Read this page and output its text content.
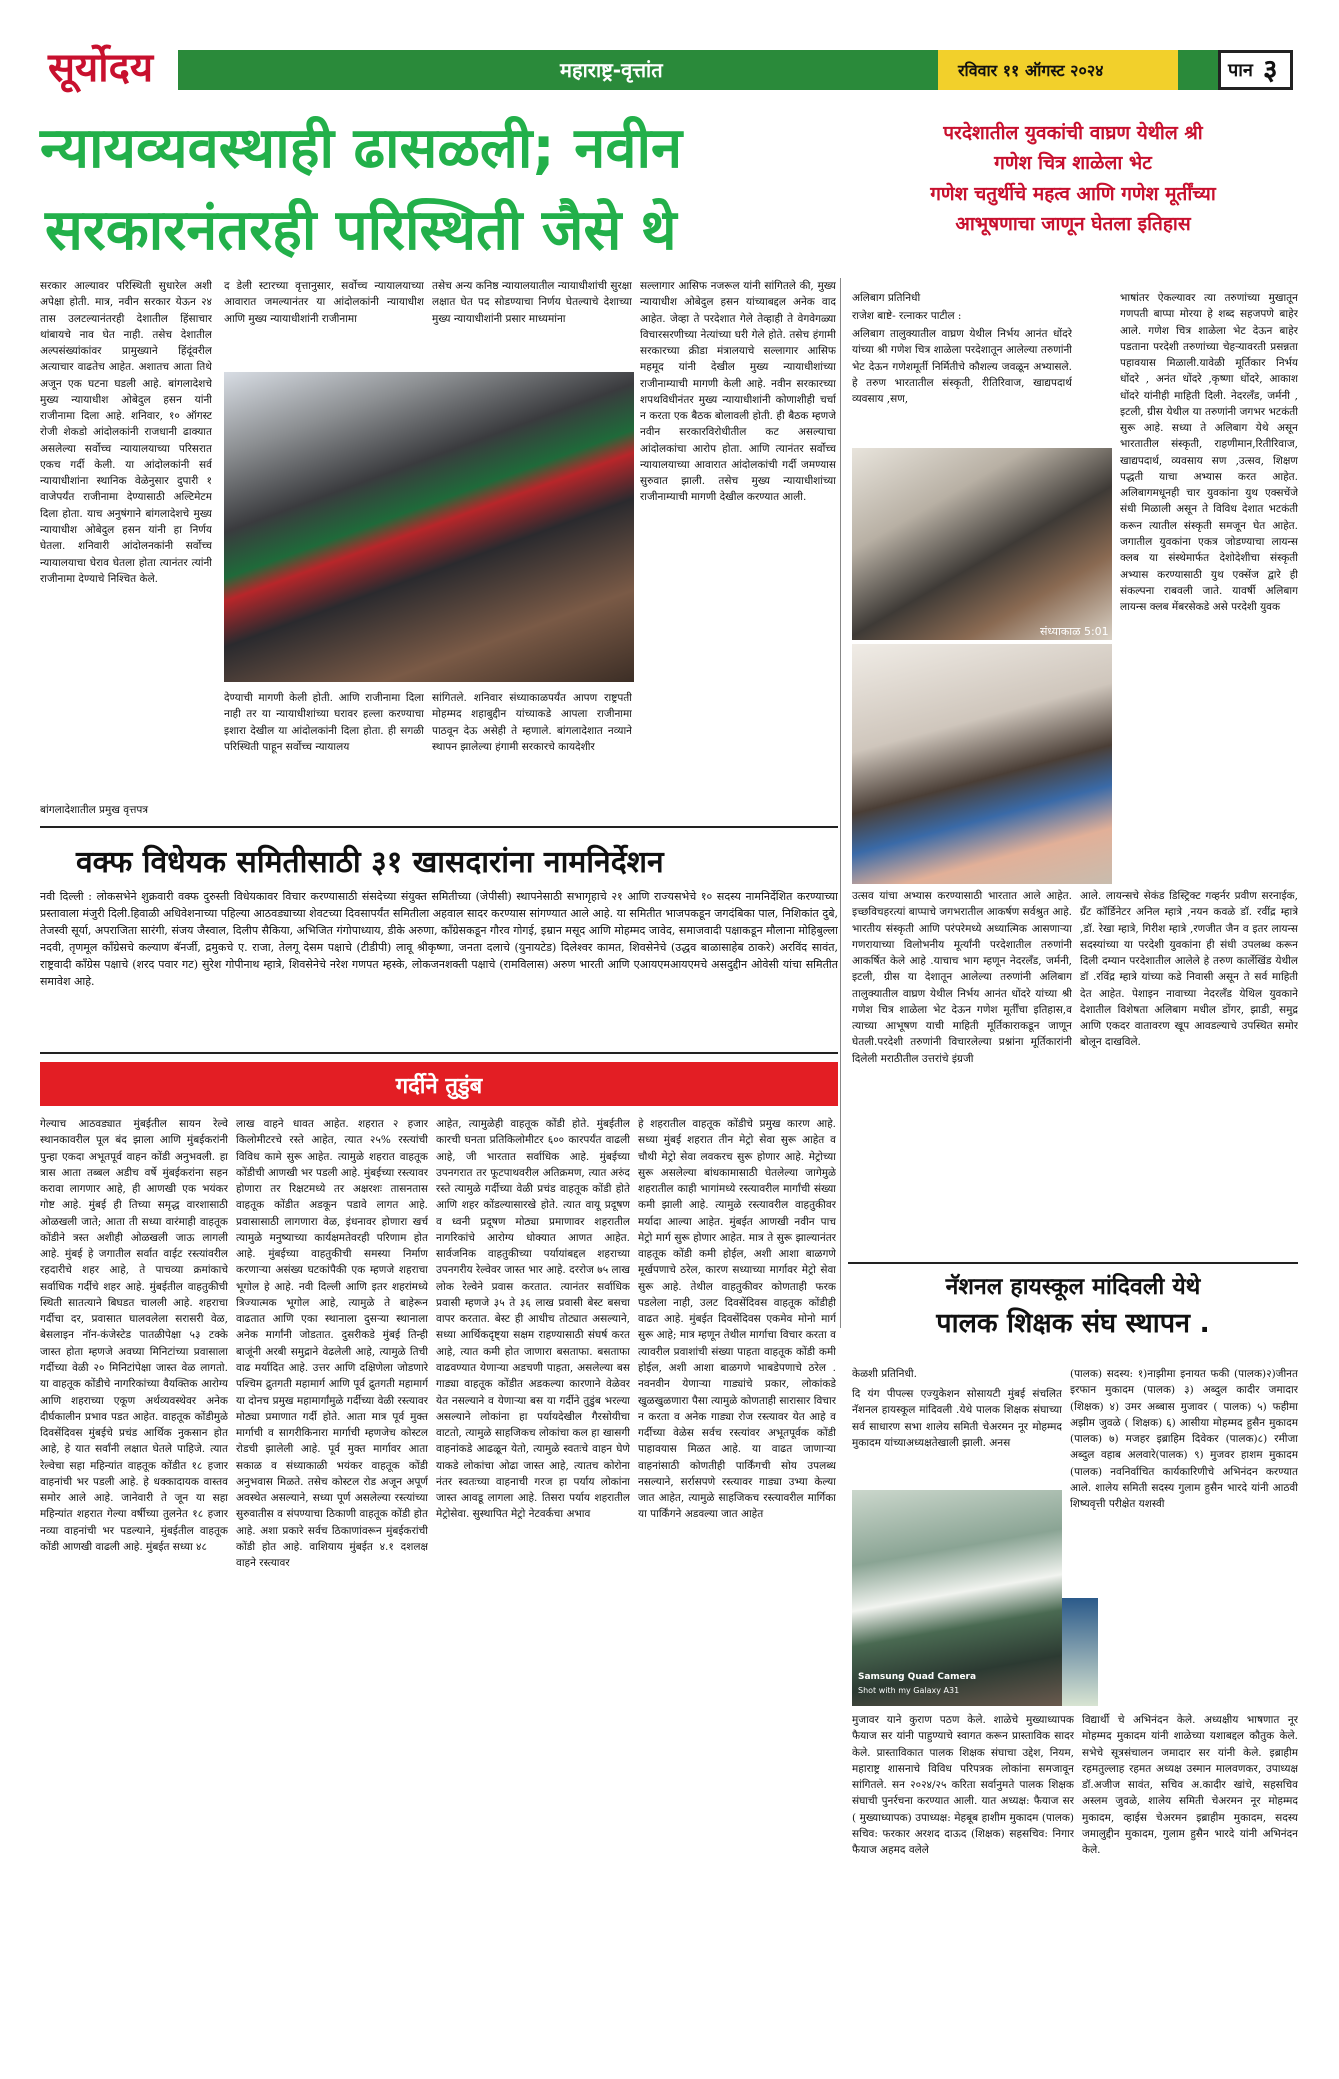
सूर्योदय	महाराष्ट्र-वृत्तांत	रविवार ११ ऑगस्ट २०२४	पान ३
न्यायव्यवस्थाही ढासळली; नवीन
सरकारनंतरही परिस्थिती जैसे थे
सरकार आल्यावर परिस्थिती सुधारेल अशी अपेक्षा होती. मात्र, नवीन सरकार येऊन २४ तास उलटल्यानंतरही देशातील हिंसाचार थांबायचे नाव घेत नाही. तसेच देशातील अल्पसंख्यांकांवर प्रामुख्याने हिंदूंवरील अत्याचार वाढतेच आहेत. अशातच आता तिथे अजून एक घटना घडली आहे. बांगलादेशचे मुख्य न्यायाधीश ओबेदुल हसन यांनी राजीनामा दिला आहे. शनिवार, १० ऑगस्ट रोजी शेकडो आंदोलकांनी राजधानी ढाक्यात असलेल्या सर्वोच्च न्यायालयाच्या परिसरात एकच गर्दी केली. या आंदोलकांनी सर्व न्यायाधीशांना स्थानिक वेळेनुसार दुपारी १ वाजेपर्यंत राजीनामा देण्यासाठी अल्टिमेटम दिला होता. याच अनुषंगाने बांगलादेशचे मुख्य न्यायाधीश ओबेदुल हसन यांनी हा निर्णय घेतला. शनिवारी आंदोलनकांनी सर्वोच्च न्यायालयाचा घेराव घेतला होता त्यानंतर त्यांनी राजीनामा देण्याचे निश्चित केले.
बांगलादेशातील प्रमुख वृत्तपत्र
द डेली स्टारच्या वृत्तानुसार, सर्वोच्च न्यायालयाच्या आवारात जमल्यानंतर या आंदोलकांनी न्यायाधीश आणि मुख्य न्यायाधीशांनी राजीनामा
तसेच अन्य कनिष्ठ न्यायालयातील न्यायाधीशांची सुरक्षा लक्षात घेत पद सोडण्याचा निर्णय घेतल्याचे देशाच्या मुख्य न्यायाधीशांनी प्रसार माध्यमांना
देण्याची मागणी केली होती. आणि राजीनामा दिला नाही तर या न्यायाधीशांच्या घरावर हल्ला करण्याचा इशारा देखील या आंदोलकांनी दिला होता. ही सगळी परिस्थिती पाहून सर्वोच्च न्यायालय
सांगितले. शनिवार संध्याकाळपर्यंत आपण राष्ट्रपती मोहम्मद शहाबुद्दीन यांच्याकडे आपला राजीनामा पाठवून देऊ असेही ते म्हणाले. बांगलादेशात नव्याने स्थापन झालेल्या हंगामी सरकारचे कायदेशीर
सल्लागार आसिफ नजरूल यांनी सांगितले की, मुख्य न्यायाधीश ओबेदुल हसन यांच्याबद्दल अनेक वाद आहेत. जेव्हा ते परदेशात गेले तेव्हाही ते वेगवेगळ्या विचारसरणीच्या नेत्यांच्या घरी गेले होते. तसेच हंगामी सरकारच्या क्रीडा मंत्रालयाचे सल्लागार आसिफ महमूद यांनी देखील मुख्य न्यायाधीशांच्या राजीनाम्याची मागणी केली आहे. नवीन सरकारच्या शपथविधीनंतर मुख्य न्यायाधीशांनी कोणाशीही चर्चा न करता एक बैठक बोलावली होती. ही बैठक म्हणजे नवीन सरकारविरोधीतील कट असल्याचा आंदोलकांचा आरोप होता. आणि त्यानंतर सर्वोच्च न्यायालयाच्या आवारात आंदोलकांची गर्दी जमण्यास सुरुवात झाली. तसेच मुख्य न्यायाधीशांच्या राजीनाम्याची मागणी देखील करण्यात आली.
परदेशातील युवकांची वाघ्रण येथील श्री
गणेश चित्र शाळेला भेट
गणेश चतुर्थीचे महत्व आणि गणेश मूर्तींच्या
आभूषणाचा जाणून घेतला इतिहास
अलिबाग प्रतिनिधी
राजेश बाष्टे- रत्नाकर पाटील :
अलिबाग तालुक्यातील वाघ्रण येथील निर्भय आनंत धोंदरे यांच्या श्री गणेश चित्र शाळेला परदेशातून आलेल्या तरुणांनी भेट देऊन गणेशमूर्ती निर्मितीचे कौशल्य जवळून अभ्यासले. हे तरुण भारतातील संस्कृती, रीतिरिवाज, खाद्यपदार्थ व्यवसाय ,सण,
संध्याकाळ 5:01
भाषांतर ऐकल्यावर त्या तरुणांच्या मुखातून गणपती बाप्पा मोरया हे शब्द सहजपणे बाहेर आले. गणेश चित्र शाळेला भेट देऊन बाहेर पडताना परदेशी तरुणांच्या चेहऱ्यावरती प्रसन्नता पहावयास मिळाली.यावेळी मूर्तिकार निर्भय धोंदरे , अनंत धोंदरे ,कृष्णा धोंदरे, आकाश धोंदरे यांनीही माहिती दिली. नेदरलँड, जर्मनी , इटली, ग्रीस येथील या तरुणांनी जगभर भटकंती सुरू आहे. सध्या ते अलिबाग येथे असून भारतातील संस्कृती, राहणीमान,रितीरिवाज, खाद्यपदार्थ, व्यवसाय सण ,उत्सव, शिक्षण पद्धती याचा अभ्यास करत आहेत. अलिबागमधूनही चार युवकांना युथ एक्सचेंजे संधी मिळाली असून ते विविध देशात भटकंती करून त्यातील संस्कृती समजून घेत आहेत. जगातील युवकांना एकत्र जोडण्याचा लायन्स क्लब या संस्थेमार्फत देशोदेशीचा संस्कृती अभ्यास करण्यासाठी युथ एक्सेंज द्वारे ही संकल्पना राबवली जाते. यावर्षी अलिबाग लायन्स क्लब मेंबरसेकडे असे परदेशी युवक
उत्सव यांचा अभ्यास करण्यासाठी भारतात आले आहेत. इच्छविचहरत्यां बाप्पाचे जगभरातील आकर्षण सर्वश्रुत आहे. भारतीय संस्कृती आणि परंपरेमध्ये अध्यात्मिक आसणाऱ्या गणरायाच्या विलोभनीय मूर्त्यांनी परदेशातील तरुणांनी आकर्षित केले आहे .याचाच भाग म्हणून नेदरलँड, जर्मनी, इटली, ग्रीस या देशातून आलेल्या तरुणांनी अलिबाग तालुक्यातील वाघ्रण येथील निर्भय आनंत धोंदरे यांच्या श्री गणेश चित्र शाळेला भेट देऊन गणेश मूर्तींचा इतिहास,व त्याच्या आभूषण याची माहिती मूर्तिकाराकडून जाणून घेतली.परदेशी तरुणांनी विचारलेल्या प्रश्नांना मूर्तिकारांनी दिलेली मराठीतील उत्तरांचे इंग्रजी
आले. लायन्सचे सेकंड डिस्ट्रिक्ट गव्हर्नर प्रवीण सरनाईक, ग्रँट कॉर्डिनेटर अनिल म्हात्रे ,नयन कवळे डॉ. रवींद्र म्हात्रे ,डॉ. रेखा म्हात्रे, गिरीश म्हात्रे ,रणजीत जैन व इतर लायन्स सदस्यांच्या या परदेशी युवकांना ही संधी उपलब्ध करून दिली दम्यान परदेशातील आलेले हे तरुण कार्लेखिंड येथील डॉ .रविंद्र म्हात्रे यांच्या कडे निवासी असून ते सर्व माहिती देत आहेत. पेशाइन नावाच्या नेदरलँड येथिल युवकाने देशातील विशेषता अलिबाग मधील डोंगर, झाडी, समुद्र आणि एकदर वातावरण खूप आवडल्याचे उपस्थित समोर बोलून दाखविले.
वक्फ विधेयक समितीसाठी ३१ खासदारांना नामनिर्देशन
नवी दिल्ली : लोकसभेने शुक्रवारी वक्फ दुरुस्ती विधेयकावर विचार करण्यासाठी संसदेच्या संयुक्त समितीच्या (जेपीसी) स्थापनेसाठी सभागृहाचे २१ आणि राज्यसभेचे १० सदस्य नामनिर्देशित करण्याच्या प्रस्तावाला मंजुरी दिली.हिवाळी अधिवेशनाच्या पहिल्या आठवड्याच्या शेवटच्या दिवसापर्यंत समितीला अहवाल सादर करण्यास सांगण्यात आले आहे. या समितीत भाजपकडून जगदंबिका पाल, निशिकांत दुबे, तेजस्वी सूर्या, अपराजिता सारंगी, संजय जैस्वाल, दिलीप सैकिया, अभिजित गंगोपाध्याय, डीके अरुणा, काँग्रेसकडून गौरव गोगई, इम्रान मसूद आणि मोहम्मद जावेद, समाजवादी पक्षाकडून मौलाना मोहिबुल्ला नदवी, तृणमूल काँग्रेसचे कल्याण बॅनर्जी, द्रमुकचे ए. राजा, तेलगू देसम पक्षाचे (टीडीपी) लावू श्रीकृष्णा, जनता दलाचे (युनायटेड) दिलेश्वर कामत, शिवसेनेचे (उद्धव बाळासाहेब ठाकरे) अरविंद सावंत, राष्ट्रवादी काँग्रेस पक्षाचे (शरद पवार गट) सुरेश गोपीनाथ म्हात्रे, शिवसेनेचे नरेश गणपत म्हस्के, लोकजनशक्ती पक्षाचे (रामविलास) अरुण भारती आणि एआयएमआयएमचे असदुद्दीन ओवेसी यांचा समितीत समावेश आहे.
गर्दीने तुडुंब
गेल्याच आठवड्यात मुंबईतील सायन रेल्वे स्थानकावरील पूल बंद झाला आणि मुंबईकरांनी पुन्हा एकदा अभूतपूर्व वाहन कोंडी अनुभवली. हा त्रास आता तब्बल अडीच वर्षे मुंबईकरांना सहन करावा लागणार आहे, ही आणखी एक भयंकर गोष्ट आहे. मुंबई ही तिच्या समृद्ध वारशासाठी ओळखली जाते; आता ती सध्या वारंमाही वाहतूक कोंडीने त्रस्त अशीही ओळखली जाऊ लागली आहे. मुंबई हे जगातील सर्वात वाईट रस्त्यांवरील रहदारीचे शहर आहे, ते पाचव्या क्रमांकाचे सर्वाधिक गर्दीचे शहर आहे. मुंबईतील वाहतुकीची स्थिती सातत्याने बिघडत चालली आहे. शहराचा गर्दीचा दर, प्रवासात घालवलेला सरासरी वेळ, बेसलाइन नॉन-कंजेस्टेड पातळीपेक्षा ५३ टक्के जास्त होता म्हणजे अवघ्या मिनिटांच्या प्रवासाला गर्दीच्या वेळी २० मिनिटांपेक्षा जास्त वेळ लागतो. या वाहतूक कोंडीचे नागरिकांच्या वैयक्तिक आरोग्य आणि शहराच्या एकूण अर्थव्यवस्थेवर अनेक दीर्घकालीन प्रभाव पडत आहेत. वाहतूक कोंडीमुळे दिवसेंदिवस मुंबईचे प्रचंड आर्थिक नुकसान होत आहे, हे यात सर्वांनी लक्षात घेतले पाहिजे. त्यात रेल्वेचा सहा महिन्यांत वाहतूक कोंडीत १८ हजार वाहनांची भर पडली आहे. हे धक्कादायक वास्तव समोर आले आहे. जानेवारी ते जून या सहा महिन्यांत शहरात गेल्या वर्षीच्या तुलनेत १८ हजार नव्या वाहनांची भर पडल्याने, मुंबईतील वाहतूक कोंडी आणखी वाढली आहे. मुंबईत सध्या ४८
लाख वाहने धावत आहेत. शहरात २ हजार किलोमीटरचे रस्ते आहेत, त्यात २५% रस्त्यांची विविध कामे सुरू आहेत. त्यामुळे शहरात वाहतूक कोंडीची आणखी भर पडली आहे. मुंबईच्या रस्त्यावर होणारा तर रिक्षटमध्ये तर अक्षरशः तासनतास वाहतूक कोंडीत अडकून पडावे लागत आहे. प्रवासासाठी लागणारा वेळ, इंधनावर होणारा खर्च त्यामुळे मनुष्याच्या कार्यक्षमतेवरही परिणाम होत आहे. मुंबईच्या वाहतुकीची समस्या निर्माण करणाऱ्या असंख्य घटकांपैकी एक म्हणजे शहराचा भूगोल हे आहे. नवी दिल्ली आणि इतर शहरांमध्ये त्रिज्यात्मक भूगोल आहे, त्यामुळे ते बाहेरून वाढतात आणि एका स्थानाला दुसऱ्या स्थानाला अनेक मार्गांनी जोडतात. दुसरीकडे मुंबई तिन्ही बाजूंनी अरबी समुद्राने वेढलेली आहे, त्यामुळे तिची वाढ मर्यादित आहे. उत्तर आणि दक्षिणेला जोडणारे पश्चिम द्रुतगती महामार्ग आणि पूर्व द्रुतगती महामार्ग या दोनच प्रमुख महामार्गांमुळे गर्दीच्या वेळी रस्त्यावर मोठ्या प्रमाणात गर्दी होते. आता मात्र पूर्व मुक्त मार्गाची व सागरीकिनारा मार्गाची म्हणजेच कोस्टल रोडची झालेली आहे. पूर्व मुक्त मार्गावर आता सकाळ व संध्याकाळी भयंकर वाहतूक कोंडी अनुभवास मिळते. तसेच कोस्टल रोड अजून अपूर्ण अवस्थेत असल्याने, सध्या पूर्ण असलेल्या रस्त्यांच्या सुरुवातीस व संपण्याचा ठिकाणी वाहतूक कोंडी होत आहे. अशा प्रकारे सर्वच ठिकाणांवरून मुंबईकरांची कोंडी होत आहे. वाशियाय मुंबईत ४.१ दशलक्ष वाहने रस्त्यावर
आहेत, त्यामुळेही वाहतूक कोंडी होते. मुंबईतील कारची घनता प्रतिकिलोमीटर ६०० कारपर्यंत वाढली आहे, जी भारतात सर्वाधिक आहे. मुंबईच्या उपनगरात तर फूटपाथवरील अतिक्रमण, त्यात अरुंद रस्ते त्यामुळे गर्दीच्या वेळी प्रचंड वाहतूक कोंडी होते आणि शहर कोंडल्यासारखे होते. त्यात वायू प्रदूषण व ध्वनी प्रदूषण मोठ्या प्रमाणावर शहरातील नागरिकांचे आरोग्य धोक्यात आणत आहेत. सार्वजनिक वाहतुकीच्या पर्यायांबद्दल शहराच्या उपनगरीय रेल्वेवर जास्त भार आहे. दररोज ७५ लाख लोक रेल्वेने प्रवास करतात. त्यानंतर सर्वाधिक प्रवासी म्हणजे ३५ ते ३६ लाख प्रवासी बेस्ट बसचा वापर करतात. बेस्ट ही आधीच तोट्यात असल्याने, सध्या आर्थिकदृष्ट्या सक्षम राहण्यासाठी संघर्ष करत आहे, त्यात कमी होत जाणारा बसताफा. बसताफा वाढवण्यात येणाऱ्या अडचणी पाहता, असलेल्या बस गाड्या वाहतूक कोंडीत अडकल्या कारणाने वेळेवर येत नसल्याने व येणाऱ्या बस या गर्दीने तुडुंब भरल्या असल्याने लोकांना हा पर्यायदेखील गैरसोयीचा वाटतो, त्यामुळे साहजिकच लोकांचा कल हा खासगी वाहनांकडे आढळून येतो, त्यामुळे स्वतःचे वाहन घेणे याकडे लोकांचा ओढा जास्त आहे, त्यातच कोरोना नंतर स्वतःच्या वाहनाची गरज हा पर्याय लोकांना जास्त आवडू लागला आहे. तिसरा पर्याय शहरातील मेट्रोसेवा. सुस्थापित मेट्रो नेटवर्कचा अभाव
हे शहरातील वाहतूक कोंडीचे प्रमुख कारण आहे. सध्या मुंबई शहरात तीन मेट्रो सेवा सुरू आहेत व चौथी मेट्रो सेवा लवकरच सुरू होणार आहे. मेट्रोच्या सुरू असलेल्या बांधकामासाठी घेतलेल्या जागेमुळे शहरातील काही भागांमध्ये रस्त्यावरील मार्गांची संख्या कमी झाली आहे. त्यामुळे रस्त्यावरील वाहतुकीवर मर्यादा आल्या आहेत. मुंबईत आणखी नवीन पाच मेट्रो मार्ग सुरू होणार आहेत. मात्र ते सुरू झाल्यानंतर वाहतूक कोंडी कमी होईल, अशी आशा बाळगणे मूर्खपणाचे ठरेल, कारण सध्याच्या मार्गावर मेट्रो सेवा सुरू आहे. तेथील वाहतुकीवर कोणताही फरक पडलेला नाही, उलट दिवसेंदिवस वाहतूक कोंडीही वाढत आहे. मुंबईत दिवसेंदिवस एकमेव मोनो मार्ग सुरू आहे; मात्र म्हणून तेथील मार्गाचा विचार करता व त्यावरील प्रवाशांची संख्या पाहता वाहतूक कोंडी कमी होईल, अशी आशा बाळगणे भाबडेपणाचे ठरेल . नवनवीन येणाऱ्या गाड्यांचे प्रकार, लोकांकडे खुळखुळणारा पैसा त्यामुळे कोणताही सारासार विचार न करता व अनेक गाड्या रोज रस्त्यावर येत आहे व गर्दीच्या वेळेस सर्वच रस्त्यांवर अभूतपूर्वक कोंडी पाहावयास मिळत आहे. या वाढत जाणाऱ्या वाहनांसाठी कोणतीही पार्किंगची सोय उपलब्ध नसल्याने, सर्रासपणे रस्त्यावर गाड्या उभ्या केल्या जात आहेत, त्यामुळे साहजिकच रस्त्यावरील मार्गिका या पार्किंगने अडवल्या जात आहेत
नॅशनल हायस्कूल मांदिवली येथे
पालक शिक्षक संघ स्थापन .
केळशी प्रतिनिधी.
दि यंग पीपल्स एज्युकेशन सोसायटी मुंबई संचलित नॅशनल हायस्कूल मांदिवली .येथे पालक शिक्षक संघाच्या सर्व साधारण सभा शालेय समिती चेअरमन नूर मोहम्मद मुकादम यांच्याअध्यक्षतेखाली झाली. अनस
(पालक) सदस्य: १)नाझीमा इनायत फकी (पालक)२)जीनत इरफान मुकादम (पालक) ३) अब्दुल कादीर जमादार (शिक्षक) ४) उमर अब्बास मुजावर ( पालक) ५) फहीमा अझीम जुवळे ( शिक्षक) ६) आसीया मोहम्मद हुसैन मुकादम (पालक) ७) मजहर इब्राहिम दिवेकर (पालक)८) रमीजा अब्दुल वहाब अलवारे(पालक) ९) मुजवर हाशम मुकादम (पालक) नवनिर्वाचित कार्यकारिणीचे अभिनंदन करण्यात आले. शालेय समिती सदस्य गुलाम हुसैन भारदे यांनी आठवी शिष्यवृत्ती परीक्षेत यशस्वी
Samsung Quad Camera
Shot with my Galaxy A31
मुजावर याने कुराण पठण केले. शाळेचे मुख्याध्यापक फैयाज सर यांनी पाहुण्याचे स्वागत करून प्रास्ताविक सादर केले. प्रास्ताविकात पालक शिक्षक संघाचा उद्देश, नियम, महाराष्ट्र शासनाचे विविध परिपत्रक लोकांना समजावून सांगितले. सन २०२४/२५ करिता सर्वानुमते पालक शिक्षक संघाची पुनर्रचना करण्यात आली. यात अध्यक्ष: फैयाज सर ( मुख्याध्यापक) उपाध्यक्ष: मेहबूब हाशीम मुकादम (पालक) सचिव: फरकार अरशद दाऊद (शिक्षक) सहसचिव: निगार फैयाज अहमद वलेले
विद्यार्थी चे अभिनंदन केले. अध्यक्षीय भाषणात नूर मोहम्मद मुकादम यांनी शाळेच्या यशाबद्दल कौतुक केले. सभेचे सूत्रसंचालन जमादार सर यांनी केले. इब्राहीम रहमतुल्लाह रहमत अध्यक्ष उस्मान मालवणकर, उपाध्यक्ष डॉ.अजीज सावंत, सचिव अ.कादीर खांचे, सहसचिव अस्लम जुवळे, शालेय समिती चेअरमन नूर मोहम्मद मुकादम, व्हाईस चेअरमन इब्राहीम मुकादम, सदस्य जमालुद्दीन मुकादम, गुलाम हुसैन भारदे यांनी अभिनंदन केले.
